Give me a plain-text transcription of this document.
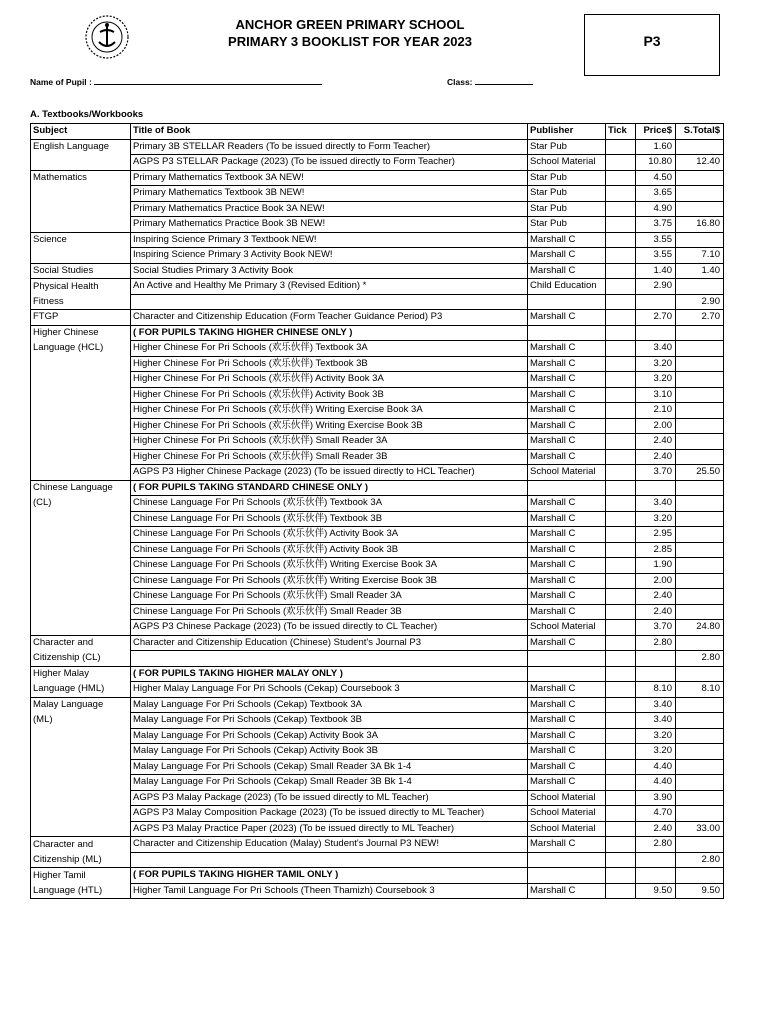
ANCHOR GREEN PRIMARY SCHOOL
PRIMARY 3 BOOKLIST FOR YEAR 2023	P3
Name of Pupil :	Class:
A. Textbooks/Workbooks
Subject	Title of Book	Publisher	Tick	Price$	S.Total$
English Language	Primary 3B STELLAR Readers (To be issued directly to Form Teacher)	Star Pub		1.60	
	AGPS P3 STELLAR Package (2023) (To be issued directly to Form Teacher)	School Material		10.80	12.40
Mathematics	Primary Mathematics Textbook 3A NEW!	Star Pub		4.50	
	Primary Mathematics Textbook 3B NEW!	Star Pub		3.65	
	Primary Mathematics Practice Book 3A NEW!	Star Pub		4.90	
	Primary Mathematics Practice Book 3B NEW!	Star Pub		3.75	16.80
Science	Inspiring Science Primary 3 Textbook NEW!	Marshall C		3.55	
	Inspiring Science Primary 3 Activity Book NEW!	Marshall C		3.55	7.10
Social Studies	Social Studies Primary 3 Activity Book	Marshall C		1.40	1.40
Physical Health	An Active and Healthy Me Primary 3 (Revised Edition) *	Child Education		2.90	
Fitness					2.90
FTGP	Character and Citizenship Education (Form Teacher Guidance Period) P3	Marshall C		2.70	2.70
Higher Chinese	( FOR PUPILS TAKING HIGHER CHINESE ONLY )				
Language (HCL)	Higher Chinese For Pri Schools (欢乐伙伴) Textbook 3A	Marshall C		3.40	
	Higher Chinese For Pri Schools (欢乐伙伴) Textbook 3B	Marshall C		3.20	
	Higher Chinese For Pri Schools (欢乐伙伴) Activity Book 3A	Marshall C		3.20	
	Higher Chinese For Pri Schools (欢乐伙伴) Activity Book 3B	Marshall C		3.10	
	Higher Chinese For Pri Schools (欢乐伙伴) Writing Exercise Book 3A	Marshall C		2.10	
	Higher Chinese For Pri Schools (欢乐伙伴) Writing Exercise Book 3B	Marshall C		2.00	
	Higher Chinese For Pri Schools (欢乐伙伴) Small Reader 3A	Marshall C		2.40	
	Higher Chinese For Pri Schools (欢乐伙伴) Small Reader 3B	Marshall C		2.40	
	AGPS P3 Higher Chinese Package (2023) (To be issued directly to HCL Teacher)	School Material		3.70	25.50
Chinese Language	( FOR PUPILS TAKING STANDARD CHINESE ONLY )				
(CL)	Chinese Language For Pri Schools (欢乐伙伴) Textbook 3A	Marshall C		3.40	
	Chinese Language For Pri Schools (欢乐伙伴) Textbook 3B	Marshall C		3.20	
	Chinese Language For Pri Schools (欢乐伙伴) Activity Book 3A	Marshall C		2.95	
	Chinese Language For Pri Schools (欢乐伙伴) Activity Book 3B	Marshall C		2.85	
	Chinese Language For Pri Schools (欢乐伙伴) Writing Exercise Book 3A	Marshall C		1.90	
	Chinese Language For Pri Schools (欢乐伙伴) Writing Exercise Book 3B	Marshall C		2.00	
	Chinese Language For Pri Schools (欢乐伙伴) Small Reader 3A	Marshall C		2.40	
	Chinese Language For Pri Schools (欢乐伙伴) Small Reader 3B	Marshall C		2.40	
	AGPS P3 Chinese Package (2023) (To be issued directly to CL Teacher)	School Material		3.70	24.80
Character and	Character and Citizenship Education (Chinese) Student's Journal P3	Marshall C		2.80	
Citizenship (CL)					2.80
Higher Malay	( FOR PUPILS TAKING HIGHER MALAY ONLY )				
Language (HML)	Higher Malay Language For Pri Schools (Cekap) Coursebook 3	Marshall C		8.10	8.10
Malay Language	Malay Language For Pri Schools (Cekap) Textbook 3A	Marshall C		3.40	
(ML)	Malay Language For Pri Schools (Cekap) Textbook 3B	Marshall C		3.40	
	Malay Language For Pri Schools (Cekap) Activity Book 3A	Marshall C		3.20	
	Malay Language For Pri Schools (Cekap) Activity Book 3B	Marshall C		3.20	
	Malay Language For Pri Schools (Cekap) Small Reader 3A Bk 1-4	Marshall C		4.40	
	Malay Language For Pri Schools (Cekap) Small Reader 3B Bk 1-4	Marshall C		4.40	
	AGPS P3 Malay Package (2023) (To be issued directly to ML Teacher)	School Material		3.90	
	AGPS P3 Malay Composition Package (2023) (To be issued directly to ML Teacher)	School Material		4.70	
	AGPS P3 Malay Practice Paper (2023) (To be issued directly to ML Teacher)	School Material		2.40	33.00
Character and	Character and Citizenship Education (Malay) Student's Journal P3 NEW!	Marshall C		2.80	
Citizenship (ML)					2.80
Higher Tamil	( FOR PUPILS TAKING HIGHER TAMIL ONLY )				
Language (HTL)	Higher Tamil Language For Pri Schools (Theen Thamizh) Coursebook 3	Marshall C		9.50	9.50
